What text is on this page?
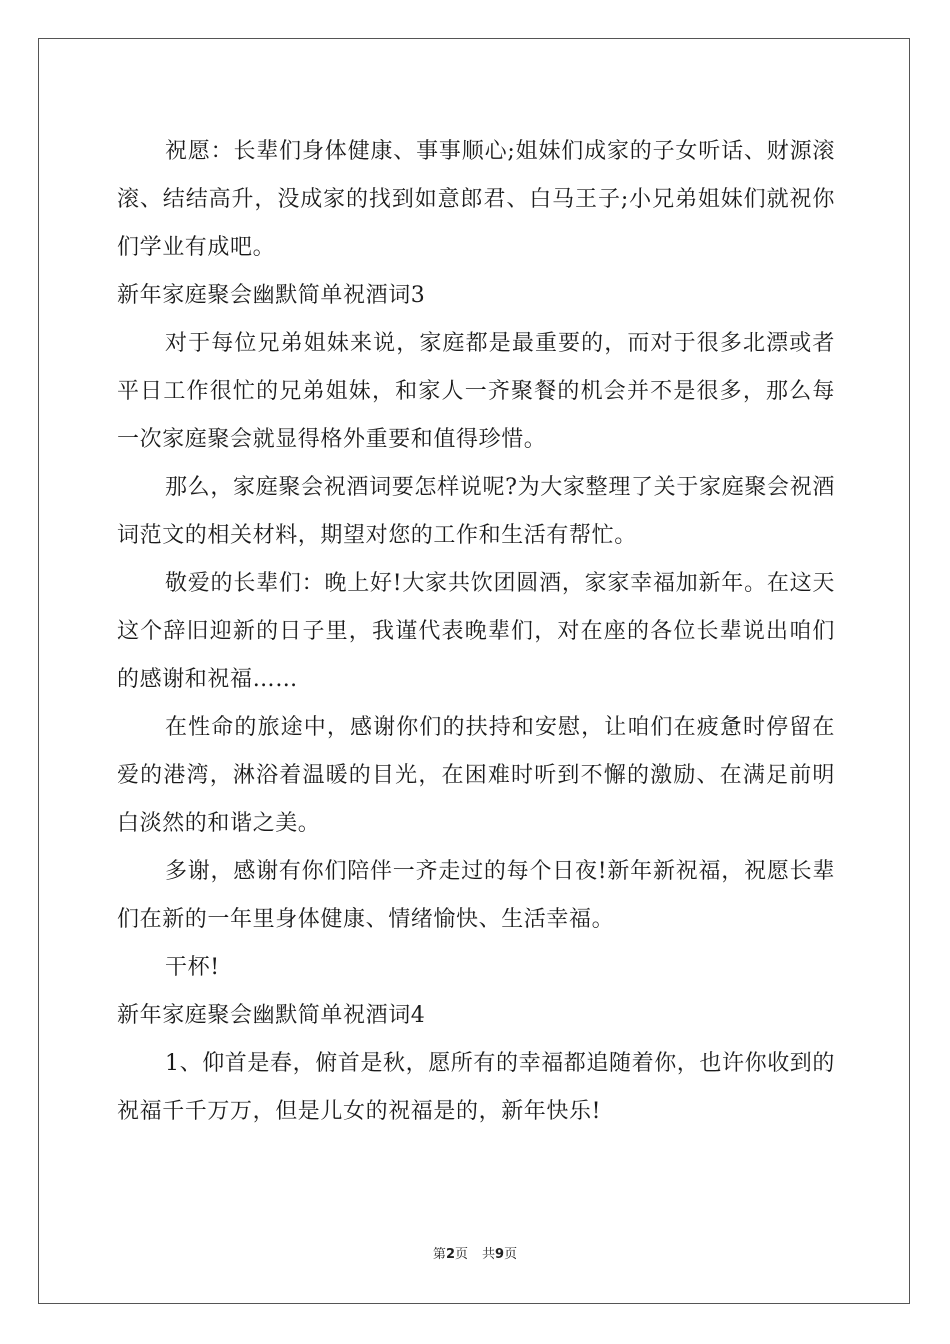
祝愿：长辈们身体健康、事事顺心;姐妹们成家的子女听话、财源滚滚、结结高升，没成家的找到如意郎君、白马王子;小兄弟姐妹们就祝你们学业有成吧。

新年家庭聚会幽默简单祝酒词3

对于每位兄弟姐妹来说，家庭都是最重要的，而对于很多北漂或者平日工作很忙的兄弟姐妹，和家人一齐聚餐的机会并不是很多，那么每一次家庭聚会就显得格外重要和值得珍惜。

那么，家庭聚会祝酒词要怎样说呢?为大家整理了关于家庭聚会祝酒词范文的相关材料，期望对您的工作和生活有帮忙。

敬爱的长辈们：晚上好!大家共饮团圆酒，家家幸福加新年。在这天这个辞旧迎新的日子里，我谨代表晚辈们，对在座的各位长辈说出咱们的感谢和祝福……

在性命的旅途中，感谢你们的扶持和安慰，让咱们在疲惫时停留在爱的港湾，淋浴着温暖的目光，在困难时听到不懈的激励、在满足前明白淡然的和谐之美。

多谢，感谢有你们陪伴一齐走过的每个日夜!新年新祝福，祝愿长辈们在新的一年里身体健康、情绪愉快、生活幸福。

干杯!

新年家庭聚会幽默简单祝酒词4

1、仰首是春，俯首是秋，愿所有的幸福都追随着你，也许你收到的祝福千千万万，但是儿女的祝福是的，新年快乐!

第2页 共9页
